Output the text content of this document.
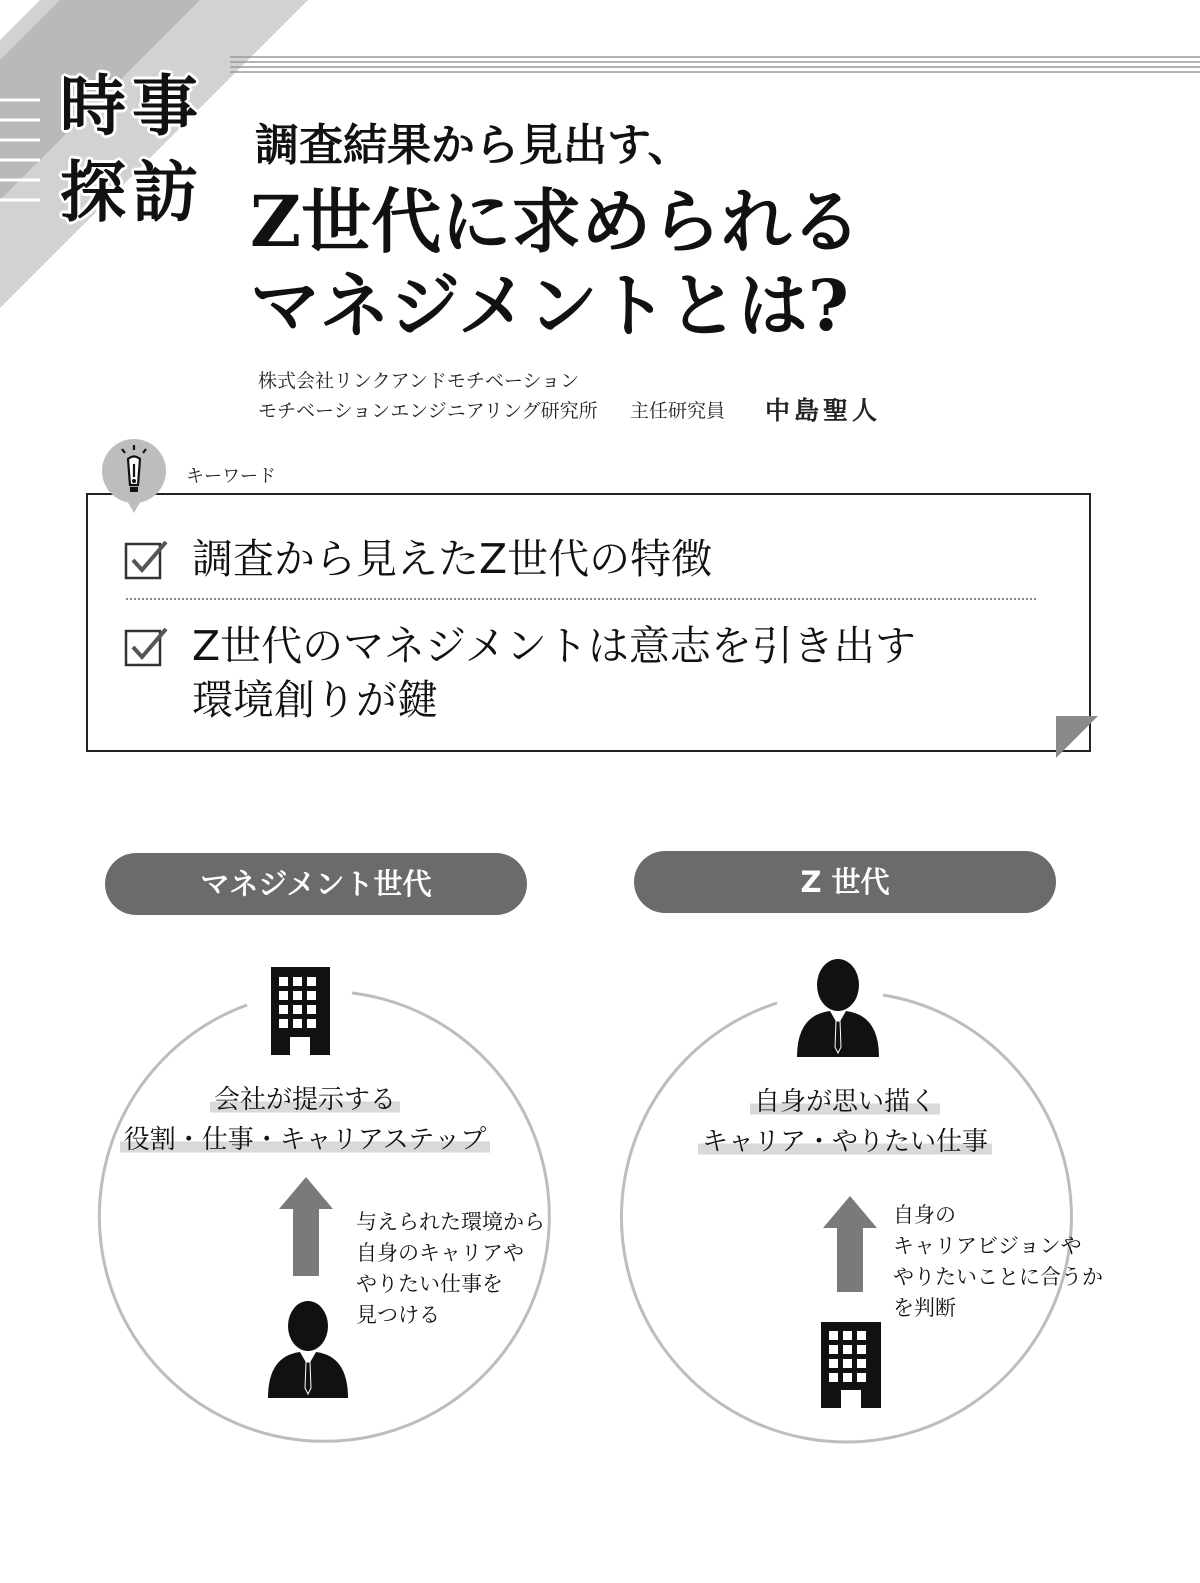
時事
探訪
調査結果から見出す、
Z世代に求められる
マネジメントとは?
株式会社リンクアンドモチベーション
モチベーションエンジニアリング研究所 主任研究員 中島聖人
キーワード
調査から見えたZ世代の特徴
Z世代のマネジメントは意志を引き出す
環境創りが鍵
マネジメント世代	Z 世代
会社が提示する
役割・仕事・キャリアステップ
与えられた環境から
自身のキャリアや
やりたい仕事を
見つける
自身が思い描く
キャリア・やりたい仕事
自身の
キャリアビジョンや
やりたいことに合うか
を判断
